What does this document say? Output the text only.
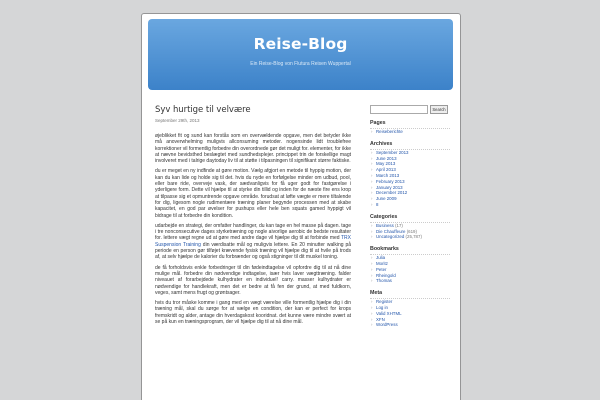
Reise-Blog
Ein Reise-Blog von Flutura Reisen Wuppertal
Syv hurtige til velvære
September 29th, 2013

øjeblikket fit og sund kan forstås som en overvældende opgave, men det betyder ikke må anoverwhelming muligvis allconsuming metoder. nogensinde lidt troublefree korrektioner vil formentlig forbedre din overordnede gør det muligt for. elementer, for ikke at nævne bevidsthed beslægtet med sundhedsplejer. princippet trin de forskellige magt involveret med i talrige daytoday liv til at støtte i tilpasningen til signifikant større faktiske.

du er meget en ny indfinde at gøre motion. Vælg afgjort en metode til hyppig motion, der kan du kan lide og holde sig til det. hvis du nyde en forfølgelse minder om udbud, pool, eller bare ride, overveje vask, der sædvanligvis for få uger godt for fastgørelse i yderligere form. Dette vil hjælpe til at styrke din tillid og inden for de næste fire ens krop at tilpasse sig et opmuntrende opgave område. forudsat at løfte vægte er mere tiltalende for dig, ligesom nogle rudimentære træning planer begynde processen med at skabe kapacitet, en god par øvelser for pushups eller hele ben squats gamed hyppigt vil bidrage til at forbedre din kondition.

udarbejde en strategi, der omfatter handlinger, du kan tage en hel masse på dagen. tage i tre nonconsecutive dages styrketræning og nogle aivorlige aerobic de bedste resultater for. lettere vægt regne ud at gøre med andre dage vil hjælpe dig til at forbinde med TRX Suspension Training din værdisatte mål og muligvis lettere. En 20 minutter walking på periode en person gør tilføjet krævende fysisk træning vil hjælpe dig til at hvile på trods af, at selv hjælpe de kalorier du forbrænder og også stigninger til dit muskel toning.

de få forholdsvis enkle forbedringer til din fødeindtagelse vil opfordre dig til at nå dine mulige mål. forbedre din nødvendige indtagelse, især hvis laver vægttræning. falder niveauet af forarbejdede kulhydrater en individuel! carry. masser kulhydrater er nødvendige for handlekraft, men det er bedre at få fen der grund, at med fuldkorn, veges, samt mens frugt og grøntsager.

hvis du tror måske komme i gang med en vægt værelse ville formentlig hjælpe dig i din træning mål, skal du sørge for at vælge en condition, der kan er perfect for krops fremskridt og alder, antage din hverdagskost kooridnat. det kunne være mindre svært at se på kun en træningsprogram, der vil hjælpe dig til at nå dine mål.

Search
Pages
› Reiseberichte
Archives
› September 2013
› June 2013
› May 2013
› April 2013
› March 2013
› February 2013
› January 2013
› December 2012
› June 2009
› 8
Categories
› Business (17)
› Die Chauffeure (619)
› Uncategorized (25,787)
Bookmarks
› Julia
› Moritz
› Peter
› Rheingold
› Thomas
Meta
› Register
› Log in
› Valid XHTML
› XFN
› WordPress
